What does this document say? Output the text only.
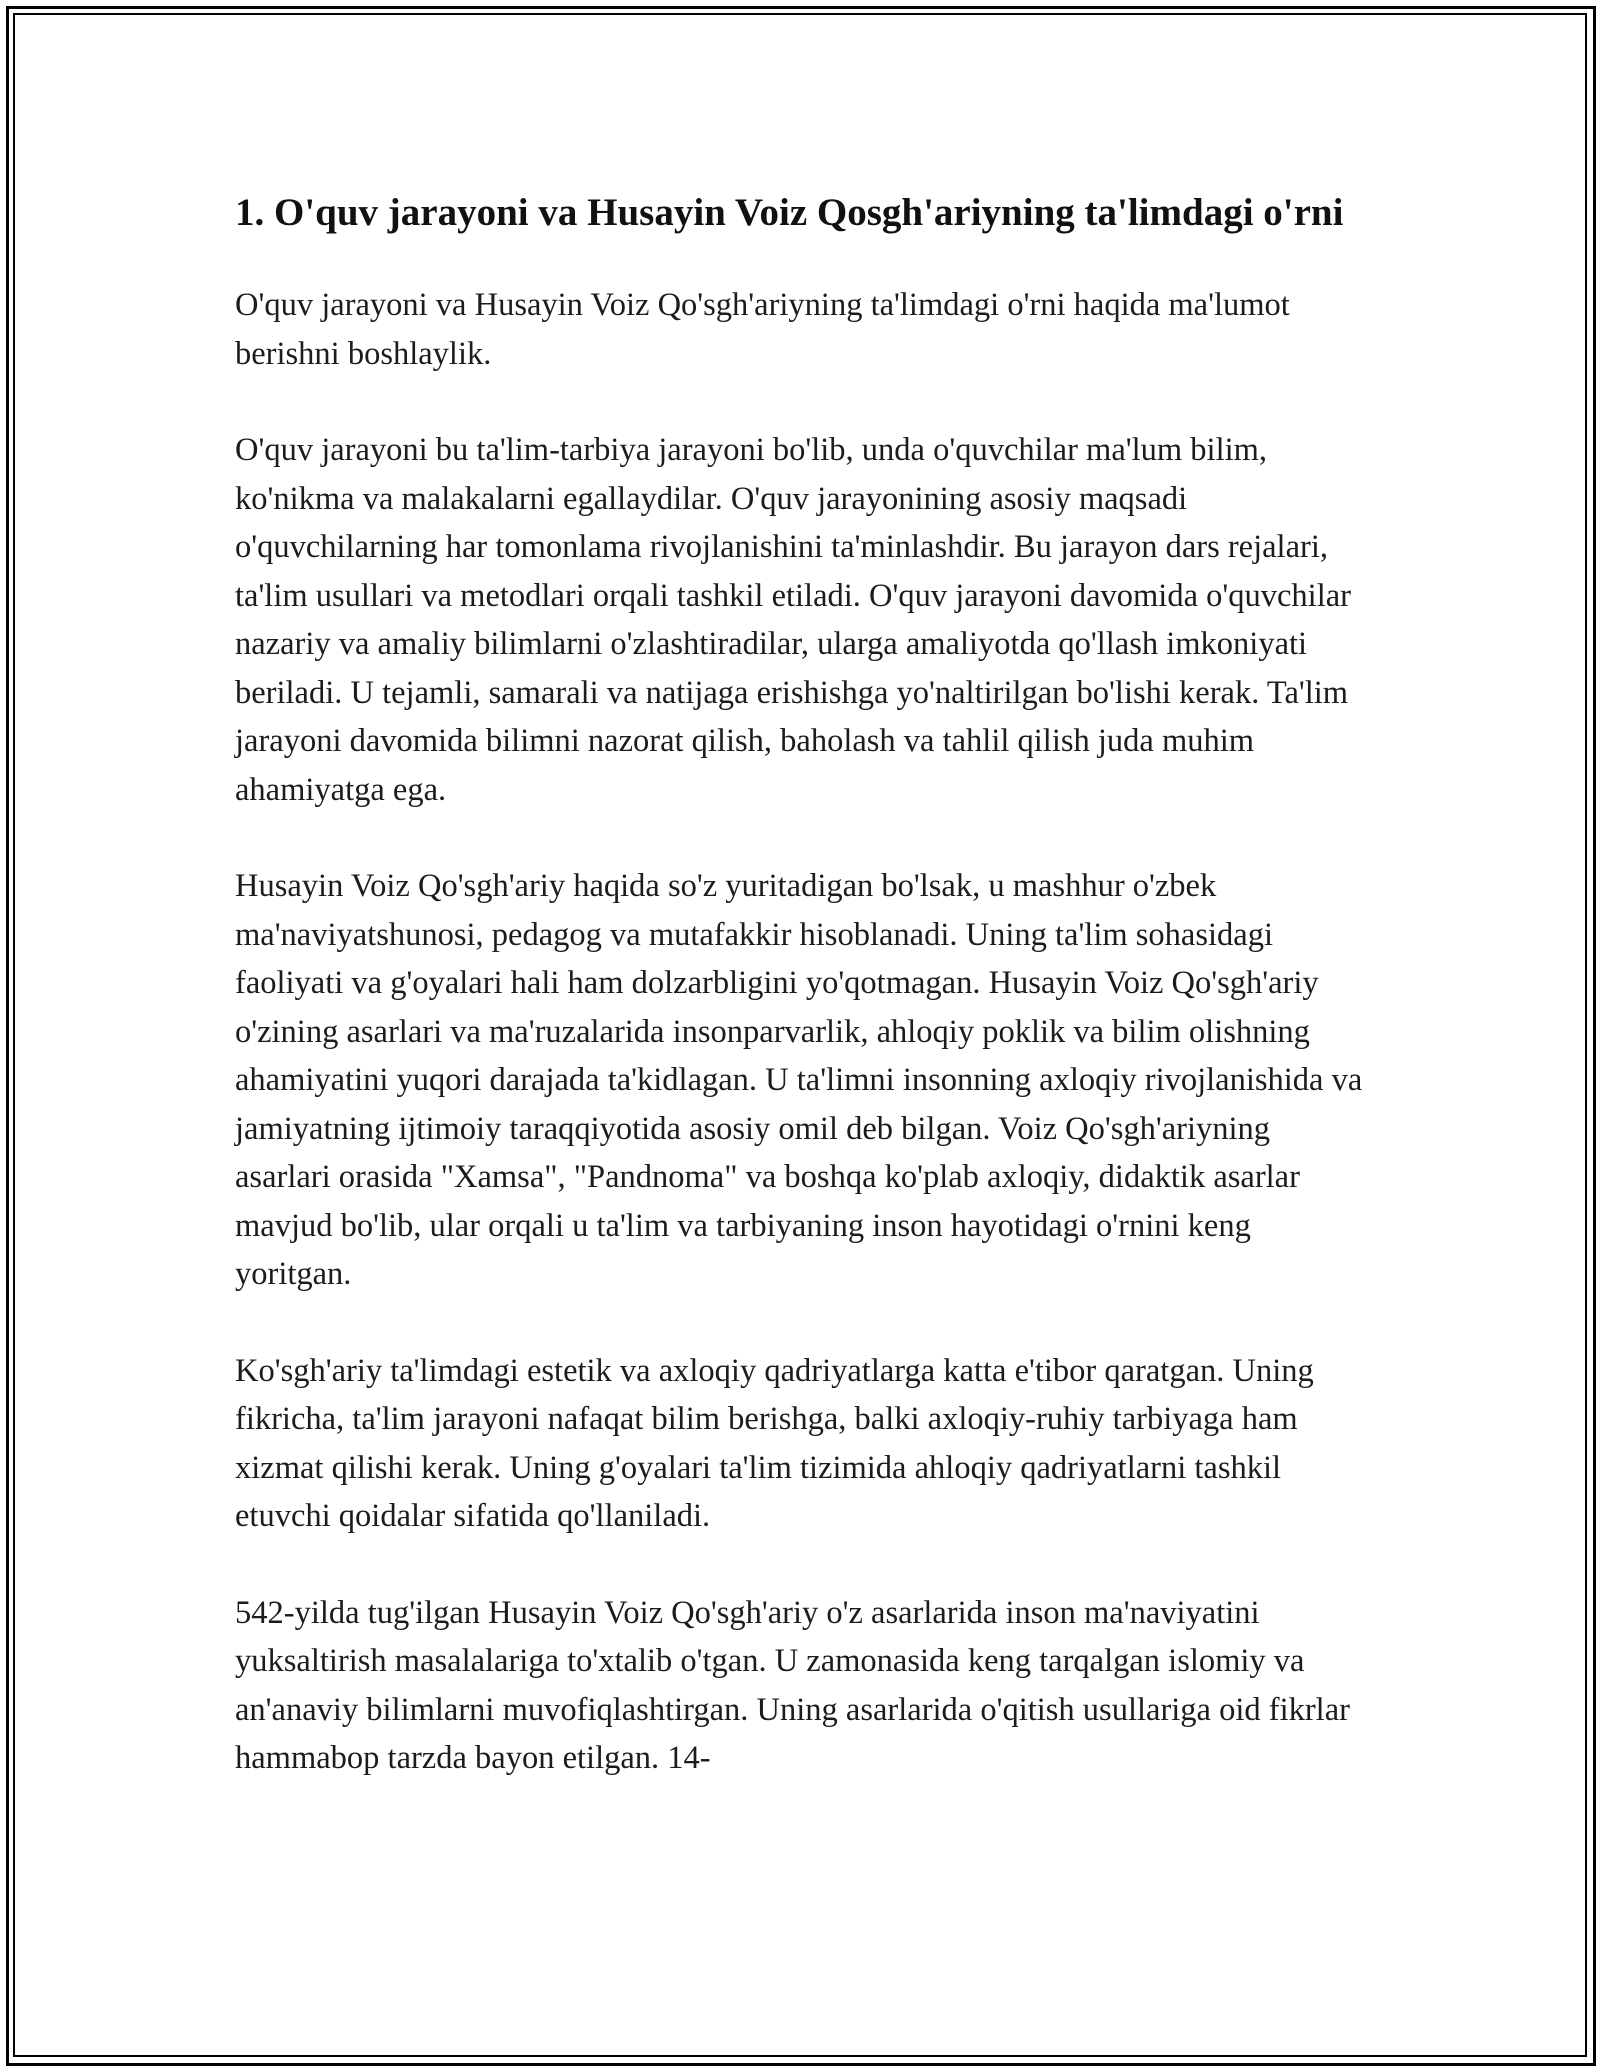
1. O'quv jarayoni va Husayin Voiz Qosgh'ariyning ta'limdagi o'rni

O'quv jarayoni va Husayin Voiz Qo'sgh'ariyning ta'limdagi o'rni haqida ma'lumot berishni boshlaylik.

O'quv jarayoni bu ta'lim-tarbiya jarayoni bo'lib, unda o'quvchilar ma'lum bilim, ko'nikma va malakalarni egallaydilar. O'quv jarayonining asosiy maqsadi o'quvchilarning har tomonlama rivojlanishini ta'minlashdir. Bu jarayon dars rejalari, ta'lim usullari va metodlari orqali tashkil etiladi. O'quv jarayoni davomida o'quvchilar nazariy va amaliy bilimlarni o'zlashtiradilar, ularga amaliyotda qo'llash imkoniyati beriladi. U tejamli, samarali va natijaga erishishga yo'naltirilgan bo'lishi kerak. Ta'lim jarayoni davomida bilimni nazorat qilish, baholash va tahlil qilish juda muhim ahamiyatga ega.

Husayin Voiz Qo'sgh'ariy haqida so'z yuritadigan bo'lsak, u mashhur o'zbek ma'naviyatshunosi, pedagog va mutafakkir hisoblanadi. Uning ta'lim sohasidagi faoliyati va g'oyalari hali ham dolzarbligini yo'qotmagan. Husayin Voiz Qo'sgh'ariy o'zining asarlari va ma'ruzalarida insonparvarlik, ahloqiy poklik va bilim olishning ahamiyatini yuqori darajada ta'kidlagan. U ta'limni insonning axloqiy rivojlanishida va jamiyatning ijtimoiy taraqqiyotida asosiy omil deb bilgan. Voiz Qo'sgh'ariyning asarlari orasida "Xamsa", "Pandnoma" va boshqa ko'plab axloqiy, didaktik asarlar mavjud bo'lib, ular orqali u ta'lim va tarbiyaning inson hayotidagi o'rnini keng yoritgan.

Ko'sgh'ariy ta'limdagi estetik va axloqiy qadriyatlarga katta e'tibor qaratgan. Uning fikricha, ta'lim jarayoni nafaqat bilim berishga, balki axloqiy-ruhiy tarbiyaga ham xizmat qilishi kerak. Uning g'oyalari ta'lim tizimida ahloqiy qadriyatlarni tashkil etuvchi qoidalar sifatida qo'llaniladi.

542-yilda tug'ilgan Husayin Voiz Qo'sgh'ariy o'z asarlarida inson ma'naviyatini yuksaltirish masalalariga to'xtalib o'tgan. U zamonasida keng tarqalgan islomiy va an'anaviy bilimlarni muvofiqlashtirgan. Uning asarlarida o'qitish usullariga oid fikrlar hammabop tarzda bayon etilgan. 14-
